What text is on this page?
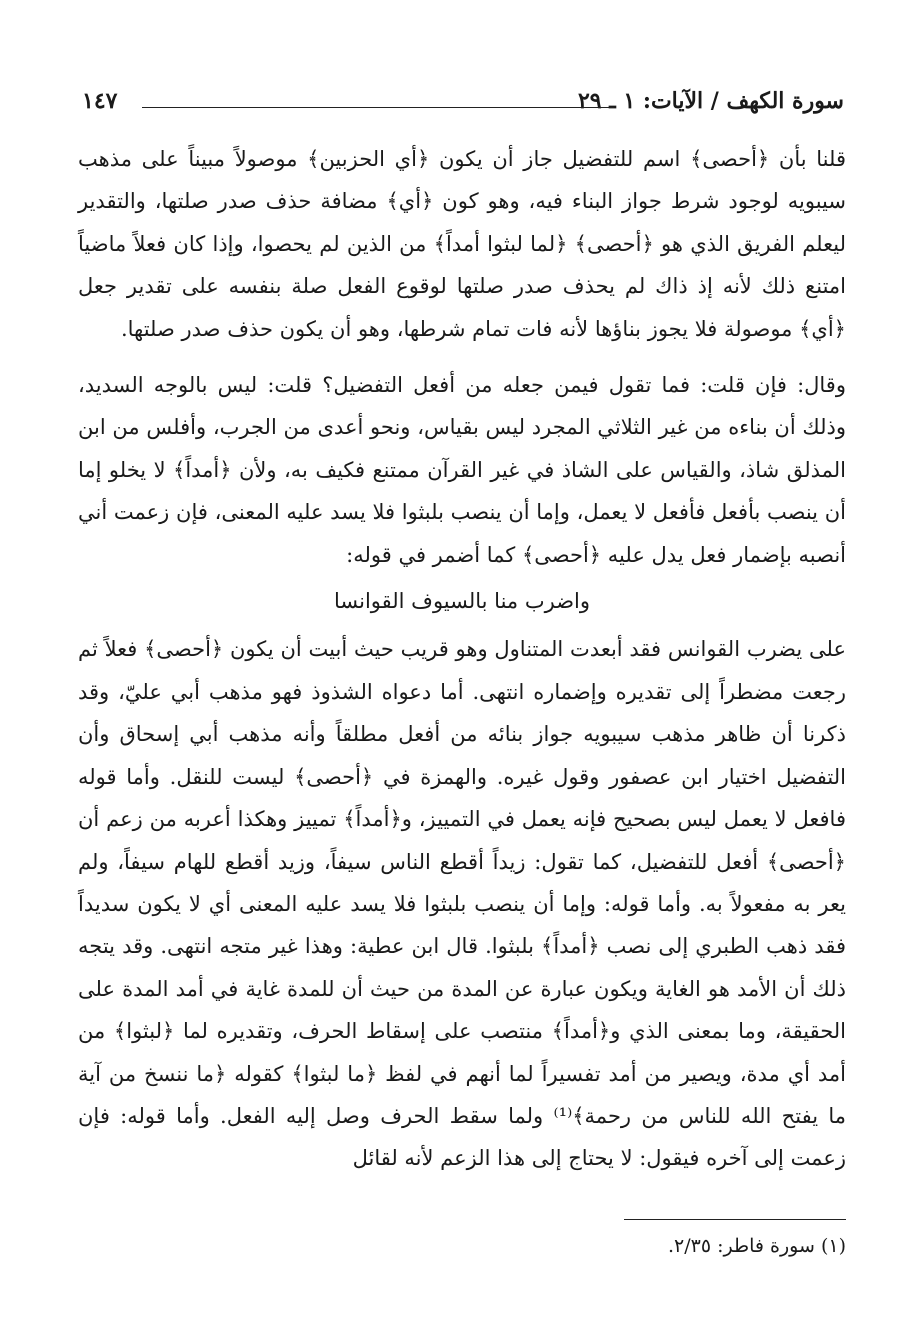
سورة الكهف / الآيات: ١ ـ ٢٩
١٤٧

قلنا بأن ﴿أحصى﴾ اسم للتفضيل جاز أن يكون ﴿أي الحزبين﴾ موصولاً مبيناً على مذهب سيبويه لوجود شرط جواز البناء فيه، وهو كون ﴿أي﴾ مضافة حذف صدر صلتها، والتقدير ليعلم الفريق الذي هو ﴿أحصى﴾ ﴿لما لبثوا أمداً﴾ من الذين لم يحصوا، وإذا كان فعلاً ماضياً امتنع ذلك لأنه إذ ذاك لم يحذف صدر صلتها لوقوع الفعل صلة بنفسه على تقدير جعل ﴿أي﴾ موصولة فلا يجوز بناؤها لأنه فات تمام شرطها، وهو أن يكون حذف صدر صلتها.

وقال: فإن قلت: فما تقول فيمن جعله من أفعل التفضيل؟ قلت: ليس بالوجه السديد، وذلك أن بناءه من غير الثلاثي المجرد ليس بقياس، ونحو أعدى من الجرب، وأفلس من ابن المذلق شاذ، والقياس على الشاذ في غير القرآن ممتنع فكيف به، ولأن ﴿أمداً﴾ لا يخلو إما أن ينصب بأفعل فأفعل لا يعمل، وإما أن ينصب بلبثوا فلا يسد عليه المعنى، فإن زعمت أني أنصبه بإضمار فعل يدل عليه ﴿أحصى﴾ كما أضمر في قوله:

واضرب منا بالسيوف القوانسا

على يضرب القوانس فقد أبعدت المتناول وهو قريب حيث أبيت أن يكون ﴿أحصى﴾ فعلاً ثم رجعت مضطراً إلى تقديره وإضماره انتهى. أما دعواه الشذوذ فهو مذهب أبي عليّ، وقد ذكرنا أن ظاهر مذهب سيبويه جواز بنائه من أفعل مطلقاً وأنه مذهب أبي إسحاق وأن التفضيل اختيار ابن عصفور وقول غيره. والهمزة في ﴿أحصى﴾ ليست للنقل. وأما قوله فافعل لا يعمل ليس بصحيح فإنه يعمل في التمييز، و﴿أمداً﴾ تمييز وهكذا أعربه من زعم أن ﴿أحصى﴾ أفعل للتفضيل، كما تقول: زيداً أقطع الناس سيفاً، وزيد أقطع للهام سيفاً، ولم يعر به مفعولاً به. وأما قوله: وإما أن ينصب بلبثوا فلا يسد عليه المعنى أي لا يكون سديداً فقد ذهب الطبري إلى نصب ﴿أمداً﴾ بلبثوا. قال ابن عطية: وهذا غير متجه انتهى. وقد يتجه ذلك أن الأمد هو الغاية ويكون عبارة عن المدة من حيث أن للمدة غاية في أمد المدة على الحقيقة، وما بمعنى الذي و﴿أمداً﴾ منتصب على إسقاط الحرف، وتقديره لما ﴿لبثوا﴾ من أمد أي مدة، ويصير من أمد تفسيراً لما أنهم في لفظ ﴿ما لبثوا﴾ كقوله ﴿ما ننسخ من آية ما يفتح الله للناس من رحمة﴾⁽¹⁾ ولما سقط الحرف وصل إليه الفعل. وأما قوله: فإن زعمت إلى آخره فيقول: لا يحتاج إلى هذا الزعم لأنه لقائل

(١) سورة فاطر: ٢/٣٥.
